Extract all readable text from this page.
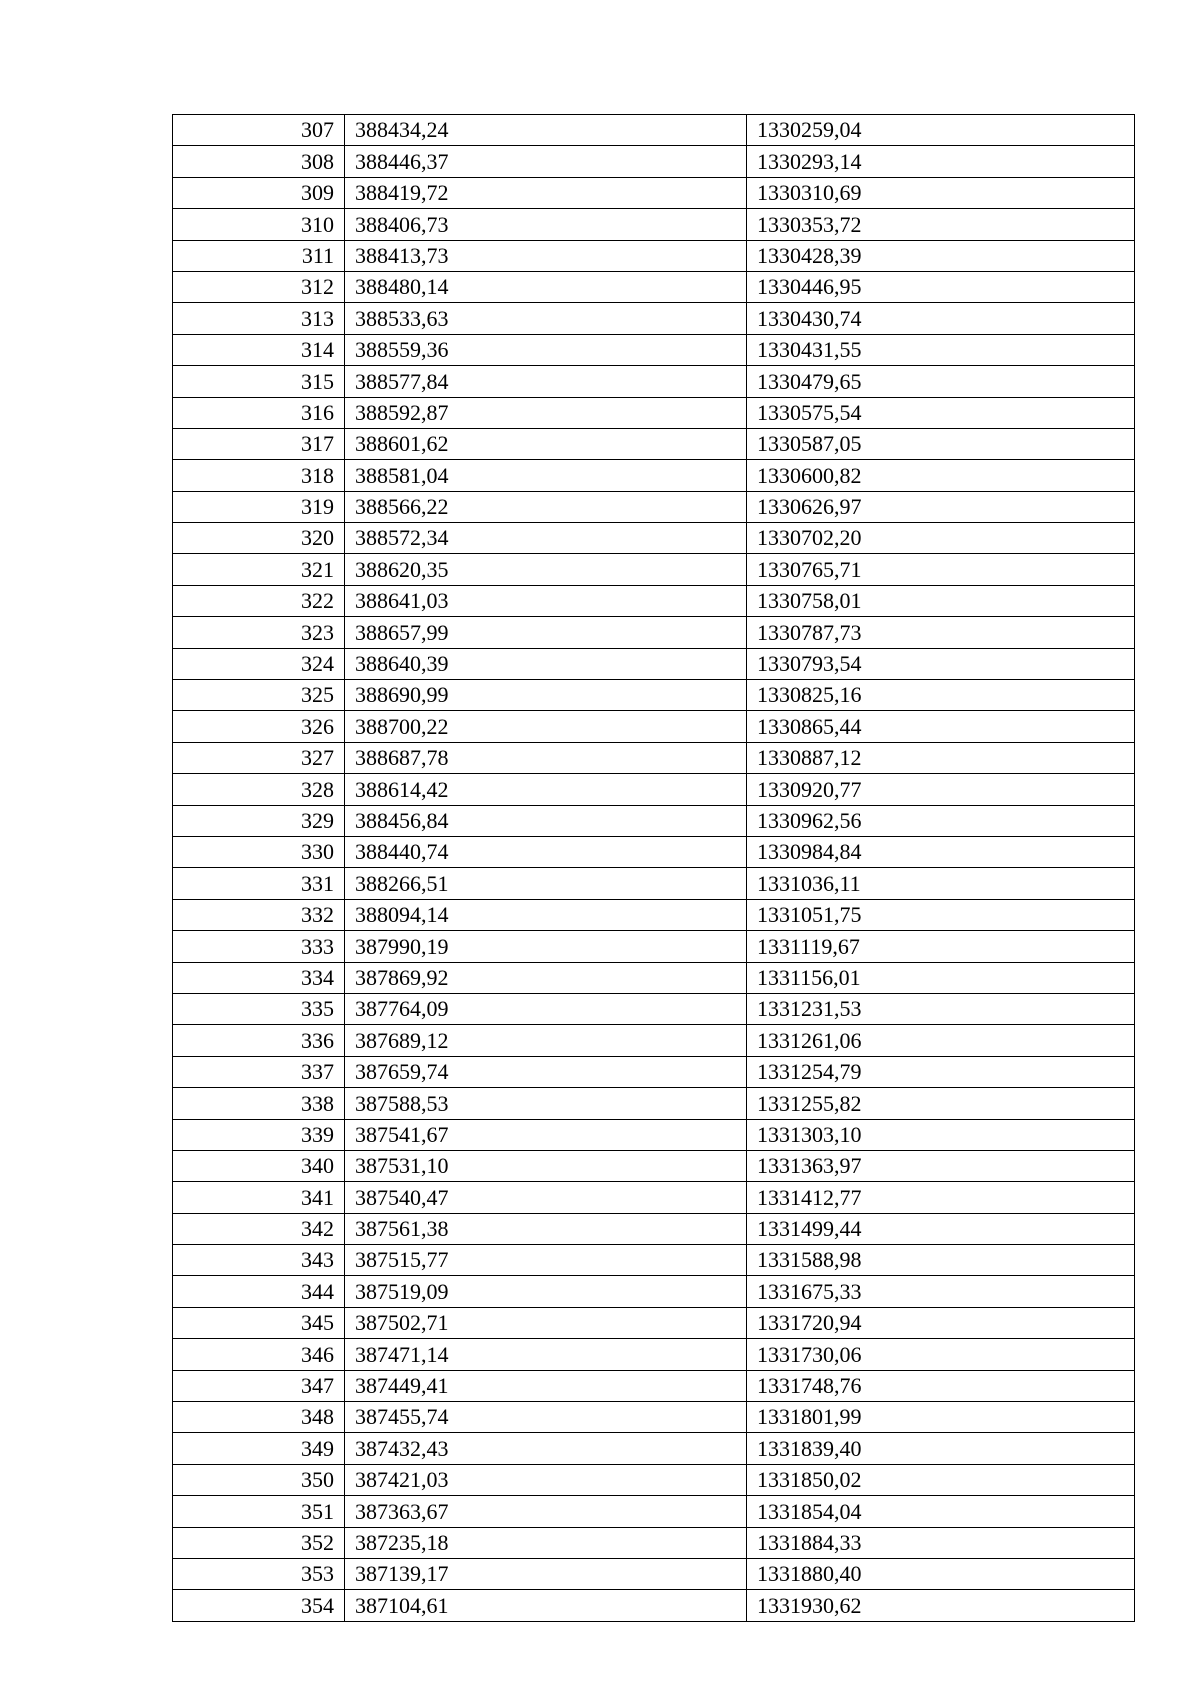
307	388434,24	1330259,04
308	388446,37	1330293,14
309	388419,72	1330310,69
310	388406,73	1330353,72
311	388413,73	1330428,39
312	388480,14	1330446,95
313	388533,63	1330430,74
314	388559,36	1330431,55
315	388577,84	1330479,65
316	388592,87	1330575,54
317	388601,62	1330587,05
318	388581,04	1330600,82
319	388566,22	1330626,97
320	388572,34	1330702,20
321	388620,35	1330765,71
322	388641,03	1330758,01
323	388657,99	1330787,73
324	388640,39	1330793,54
325	388690,99	1330825,16
326	388700,22	1330865,44
327	388687,78	1330887,12
328	388614,42	1330920,77
329	388456,84	1330962,56
330	388440,74	1330984,84
331	388266,51	1331036,11
332	388094,14	1331051,75
333	387990,19	1331119,67
334	387869,92	1331156,01
335	387764,09	1331231,53
336	387689,12	1331261,06
337	387659,74	1331254,79
338	387588,53	1331255,82
339	387541,67	1331303,10
340	387531,10	1331363,97
341	387540,47	1331412,77
342	387561,38	1331499,44
343	387515,77	1331588,98
344	387519,09	1331675,33
345	387502,71	1331720,94
346	387471,14	1331730,06
347	387449,41	1331748,76
348	387455,74	1331801,99
349	387432,43	1331839,40
350	387421,03	1331850,02
351	387363,67	1331854,04
352	387235,18	1331884,33
353	387139,17	1331880,40
354	387104,61	1331930,62
